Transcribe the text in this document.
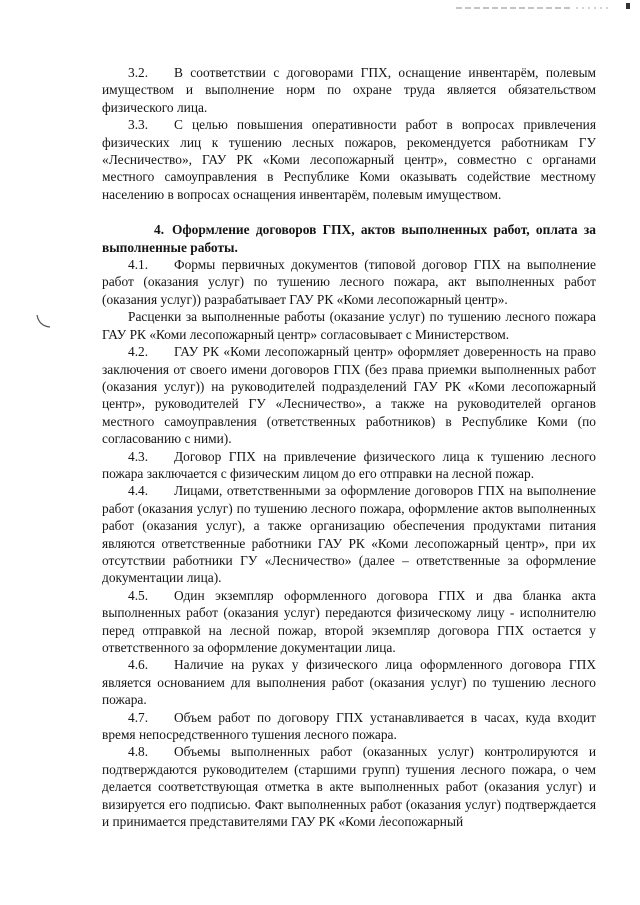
3.2. В соответствии с договорами ГПХ, оснащение инвентарём, полевым имуществом и выполнение норм по охране труда является обязательством физического лица.

3.3. С целью повышения оперативности работ в вопросах привлечения физических лиц к тушению лесных пожаров, рекомендуется работникам ГУ «Лесничество», ГАУ РК «Коми лесопожарный центр», совместно с органами местного самоуправления в Республике Коми оказывать содействие местному населению в вопросах оснащения инвентарём, полевым имуществом.

4. Оформление договоров ГПХ, актов выполненных работ, оплата за выполненные работы.

4.1. Формы первичных документов (типовой договор ГПХ на выполнение работ (оказания услуг) по тушению лесного пожара, акт выполненных работ (оказания услуг)) разрабатывает ГАУ РК «Коми лесопожарный центр».

Расценки за выполненные работы (оказание услуг) по тушению лесного пожара ГАУ РК «Коми лесопожарный центр» согласовывает с Министерством.

4.2. ГАУ РК «Коми лесопожарный центр» оформляет доверенность на право заключения от своего имени договоров ГПХ (без права приемки выполненных работ (оказания услуг)) на руководителей подразделений ГАУ РК «Коми лесопожарный центр», руководителей ГУ «Лесничество», а также на руководителей органов местного самоуправления (ответственных работников) в Республике Коми (по согласованию с ними).

4.3. Договор ГПХ на привлечение физического лица к тушению лесного пожара заключается с физическим лицом до его отправки на лесной пожар.

4.4. Лицами, ответственными за оформление договоров ГПХ на выполнение работ (оказания услуг) по тушению лесного пожара, оформление актов выполненных работ (оказания услуг), а также организацию обеспечения продуктами питания являются ответственные работники ГАУ РК «Коми лесопожарный центр», при их отсутствии работники ГУ «Лесничество» (далее – ответственные за оформление документации лица).

4.5. Один экземпляр оформленного договора ГПХ и два бланка акта выполненных работ (оказания услуг) передаются физическому лицу - исполнителю перед отправкой на лесной пожар, второй экземпляр договора ГПХ остается у ответственного за оформление документации лица.

4.6. Наличие на руках у физического лица оформленного договора ГПХ является основанием для выполнения работ (оказания услуг) по тушению лесного пожара.

4.7. Объем работ по договору ГПХ устанавливается в часах, куда входит время непосредственного тушения лесного пожара.

4.8. Объемы выполненных работ (оказанных услуг) контролируются и подтверждаются руководителем (старшими групп) тушения лесного пожара, о чем делается соответствующая отметка в акте выполненных работ (оказания услуг) и визируется его подписью. Факт выполненных работ (оказания услуг) подтверждается и принимается представителями ГАУ РК «Коми лесопожарный
